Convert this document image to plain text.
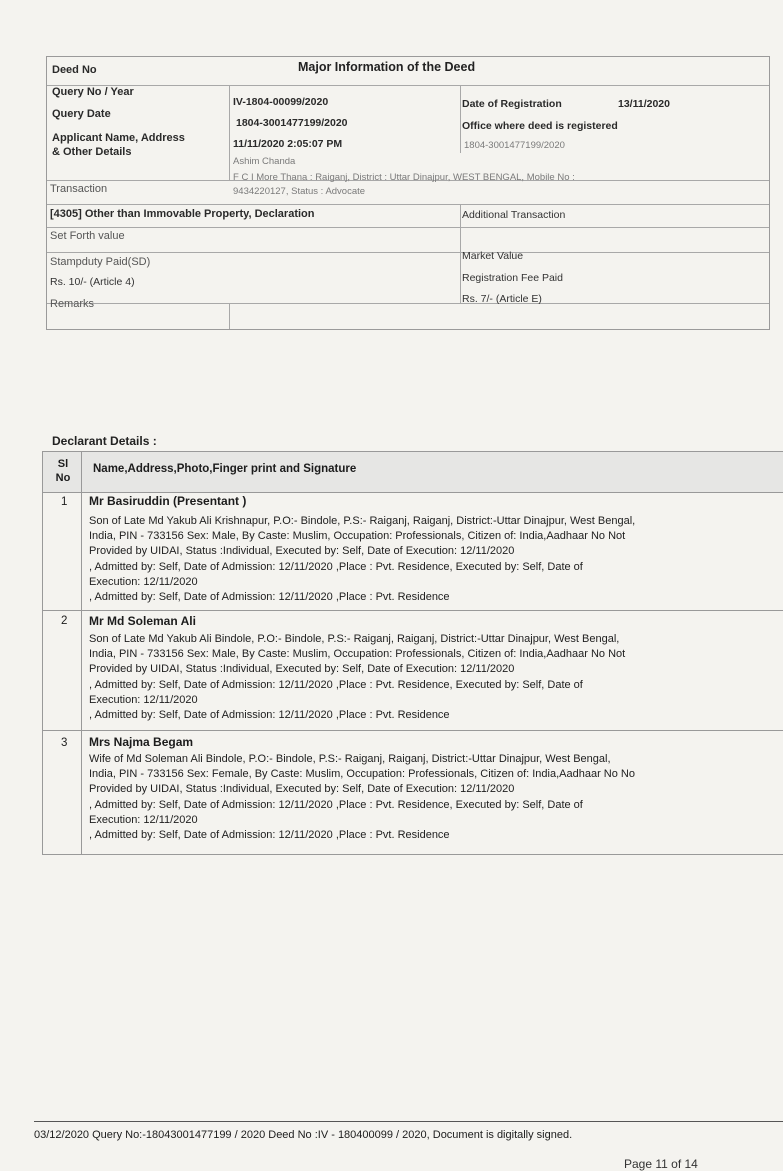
Major Information of the Deed
Deed No
Query No / Year
Query Date
Applicant Name, Address
& Other Details
Transaction
IV-1804-00099/2020
1804-3001477199/2020
11/11/2020 2:05:07 PM
Ashim Chanda
F C I More Thana : Raiganj, District : Uttar Dinajpur, WEST BENGAL, Mobile No :
9434220127, Status : Advocate
Date of Registration	13/11/2020
Office where deed is registered
1804-3001477199/2020
[4305] Other than Immovable Property, Declaration	Additional Transaction
Set Forth value
Market Value
Stampduty Paid(SD)
Registration Fee Paid
Rs. 10/- (Article 4)
Rs. 7/- (Article E)
Remarks
Declarant Details :
Sl
No
Name,Address,Photo,Finger print and Signature
1 Mr Basiruddin (Presentant )
Son of Late Md Yakub Ali Krishnapur, P.O:- Bindole, P.S:- Raiganj, Raiganj, District:-Uttar Dinajpur, West Bengal,
India, PIN - 733156 Sex: Male, By Caste: Muslim, Occupation: Professionals, Citizen of: India,Aadhaar No Not
Provided by UIDAI, Status :Individual, Executed by: Self, Date of Execution: 12/11/2020
, Admitted by: Self, Date of Admission: 12/11/2020 ,Place : Pvt. Residence, Executed by: Self, Date of
Execution: 12/11/2020
, Admitted by: Self, Date of Admission: 12/11/2020 ,Place : Pvt. Residence
2 Mr Md Soleman Ali
Son of Late Md Yakub Ali Bindole, P.O:- Bindole, P.S:- Raiganj, Raiganj, District:-Uttar Dinajpur, West Bengal,
India, PIN - 733156 Sex: Male, By Caste: Muslim, Occupation: Professionals, Citizen of: India,Aadhaar No Not
Provided by UIDAI, Status :Individual, Executed by: Self, Date of Execution: 12/11/2020
, Admitted by: Self, Date of Admission: 12/11/2020 ,Place : Pvt. Residence, Executed by: Self, Date of
Execution: 12/11/2020
, Admitted by: Self, Date of Admission: 12/11/2020 ,Place : Pvt. Residence
3 Mrs Najma Begam
Wife of Md Soleman Ali Bindole, P.O:- Bindole, P.S:- Raiganj, Raiganj, District:-Uttar Dinajpur, West Bengal,
India, PIN - 733156 Sex: Female, By Caste: Muslim, Occupation: Professionals, Citizen of: India,Aadhaar No No
Provided by UIDAI, Status :Individual, Executed by: Self, Date of Execution: 12/11/2020
, Admitted by: Self, Date of Admission: 12/11/2020 ,Place : Pvt. Residence, Executed by: Self, Date of
Execution: 12/11/2020
, Admitted by: Self, Date of Admission: 12/11/2020 ,Place : Pvt. Residence
03/12/2020 Query No:-18043001477199 / 2020 Deed No :IV - 180400099 / 2020, Document is digitally signed.
Page 11 of 14
